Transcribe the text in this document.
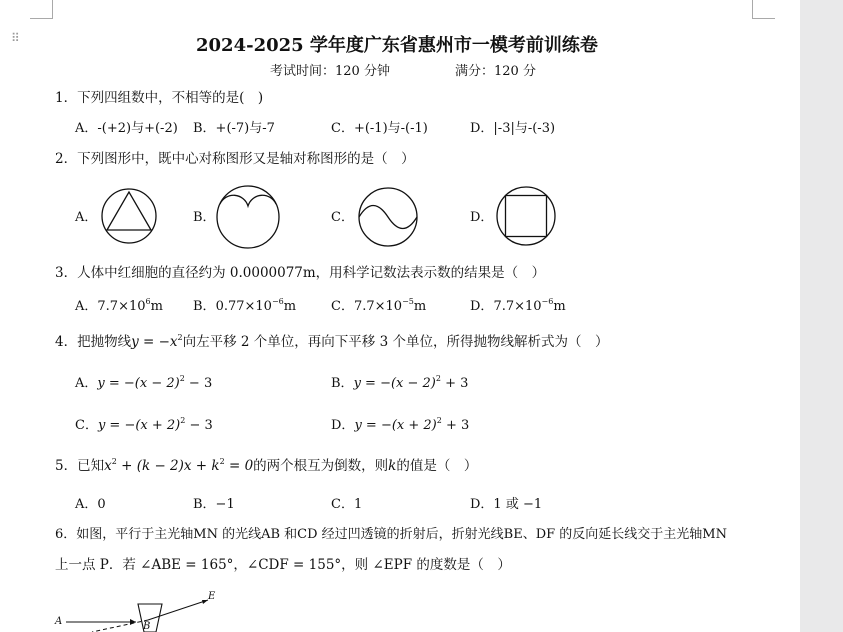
⠿	2024-2025 学年度广东省惠州市一模考前训练卷
考试时间：120 分钟	满分：120 分
1．下列四组数中，不相等的是(　)
A．-(+2)与+(-2) B．+(-7)与-7	C．+(-1)与-(-1)	D．|-3|与-(-3)
2．下列图形中，既中心对称图形又是轴对称图形的是（　）
A．	B．	C．	D．
3．人体中红细胞的直径约为 0.0000077m，用科学记数法表示数的结果是（　）
A．$7.7\times 10^6m$ B．$0.77\times 10^{-6}m$	C．$7.7\times 10^{-5}m$	D．$7.7\times 10^{-6}m$
4．把抛物线$y = -x^2$向左平移 2 个单位，再向下平移 3 个单位，所得抛物线解析式为（　）
A．$y = -(x - 2)^2 - 3$	B．$y = -(x - 2)^2 + 3$
C．$y = -(x + 2)^2 - 3$	D．$y = -(x + 2)^2 + 3$
5．已知$x^2 + (k - 2)x + k^2 = 0$的两个根互为倒数，则k的值是（　）
A．0	B．−1	C．1	D．1 或 −1
6．如图，平行于主光轴MN 的光线AB 和CD 经过凹透镜的折射后，折射光线BE、DF 的反向延长线交于主光轴MN
上一点 P．若 ∠ABE = 165°，∠CDF = 155°，则 ∠EPF 的度数是（　）
A	B
E
